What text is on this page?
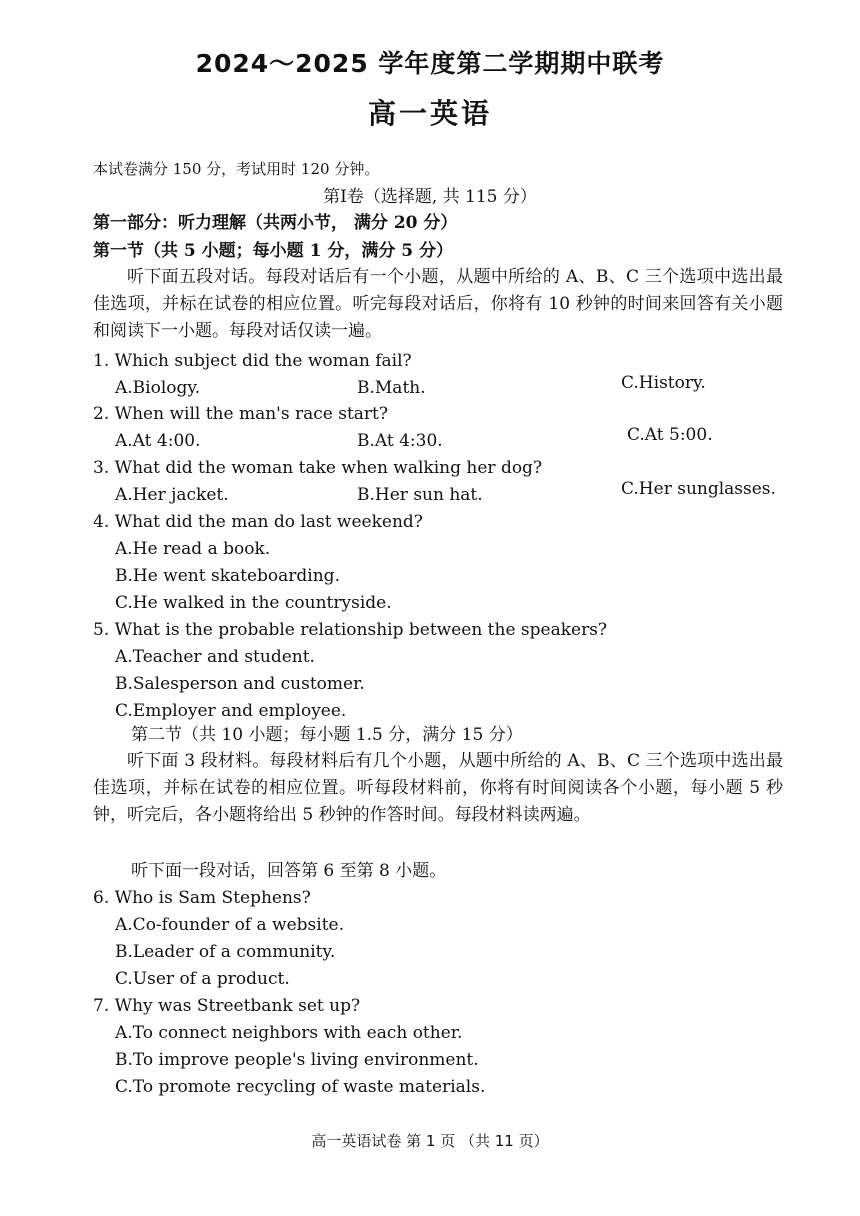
2024～2025 学年度第二学期期中联考
高一英语
本试卷满分 150 分，考试用时 120 分钟。
第Ⅰ卷（选择题, 共 115 分）
第一部分：听力理解（共两小节， 满分 20 分）
第一节（共 5 小题；每小题 1 分，满分 5 分）
听下面五段对话。每段对话后有一个小题，从题中所给的 A、B、C 三个选项中选出最佳选项，并标在试卷的相应位置。听完每段对话后，你将有 10 秒钟的时间来回答有关小题和阅读下一小题。每段对话仅读一遍。
1. Which subject did the woman fail?
A.Biology.	B.Math.	C.History.
2. When will the man's race start?
A.At 4:00.	B.At 4:30.	C.At 5:00.
3. What did the woman take when walking her dog?
A.Her jacket.	B.Her sun hat.	C.Her sunglasses.
4. What did the man do last weekend?
A.He read a book.
B.He went skateboarding.
C.He walked in the countryside.
5. What is the probable relationship between the speakers?
A.Teacher and student.
B.Salesperson and customer.
C.Employer and employee.
第二节（共 10 小题；每小题 1.5 分，满分 15 分）
听下面 3 段材料。每段材料后有几个小题，从题中所给的 A、B、C 三个选项中选出最佳选项，并标在试卷的相应位置。听每段材料前，你将有时间阅读各个小题，每小题 5 秒钟，听完后，各小题将给出 5 秒钟的作答时间。每段材料读两遍。
听下面一段对话，回答第 6 至第 8 小题。
6. Who is Sam Stephens?
A.Co-founder of a website.
B.Leader of a community.
C.User of a product.
7. Why was Streetbank set up?
A.To connect neighbors with each other.
B.To improve people's living environment.
C.To promote recycling of waste materials.
高一英语试卷 第 1 页 （共 11 页）
